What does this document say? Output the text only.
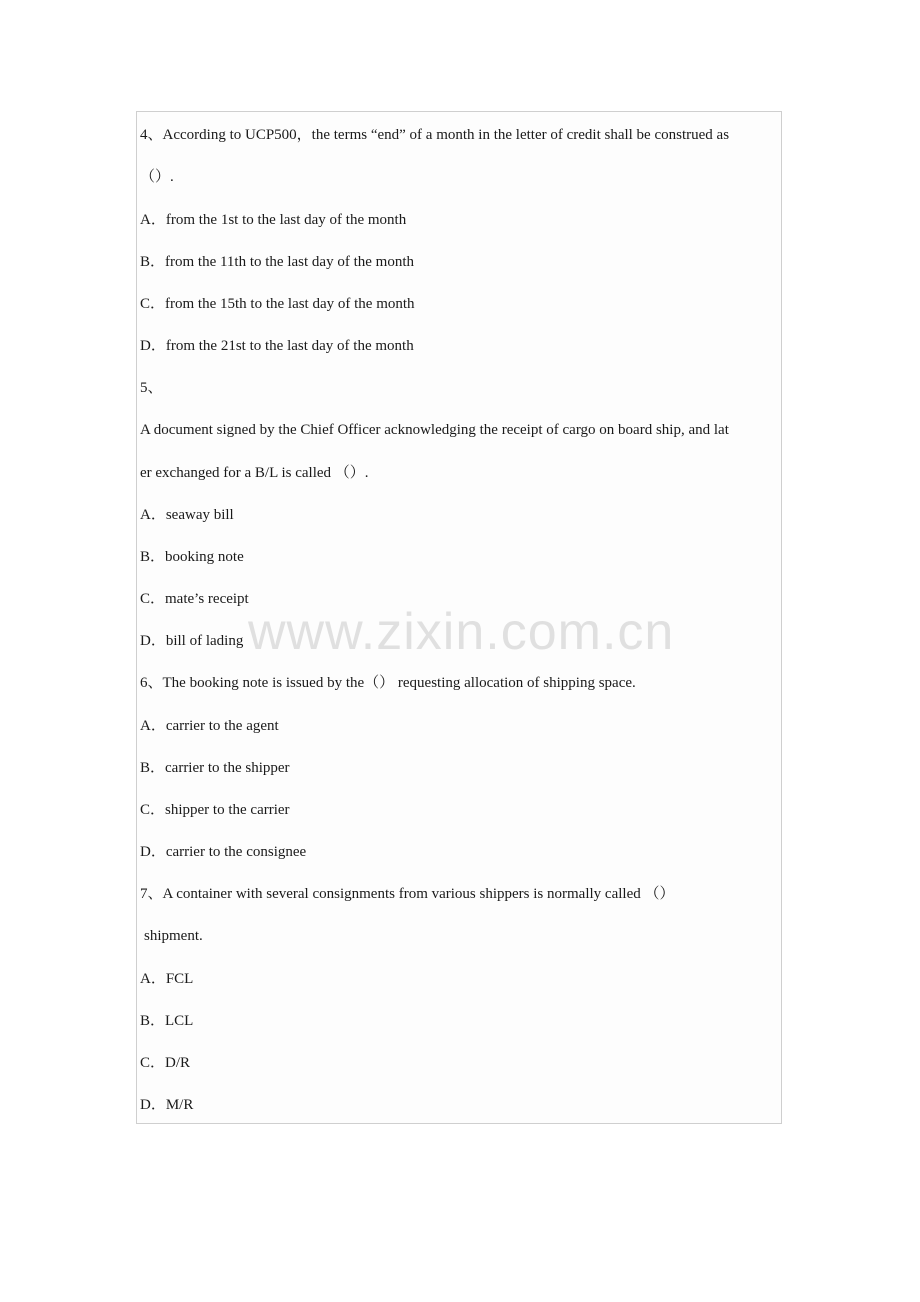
4、According to UCP500，the terms “end” of a month in the letter of credit shall be construed as
（）.
A．from the 1st to the last day of the month
B．from the 11th to the last day of the month
C．from the 15th to the last day of the month
D．from the 21st to the last day of the month
5、
A document signed by the Chief Officer acknowledging the receipt of cargo on board ship, and lat
er exchanged for a B/L is called （）.
A．seaway bill
B．booking note
C．mate’s receipt
D．bill of lading
6、The booking note is issued by the（） requesting allocation of shipping space.
A．carrier to the agent
B．carrier to the shipper
C．shipper to the carrier
D．carrier to the consignee
7、A container with several consignments from various shippers is normally called （）
shipment.
A．FCL
B．LCL
C．D/R
D．M/R
www.zixin.com.cn
